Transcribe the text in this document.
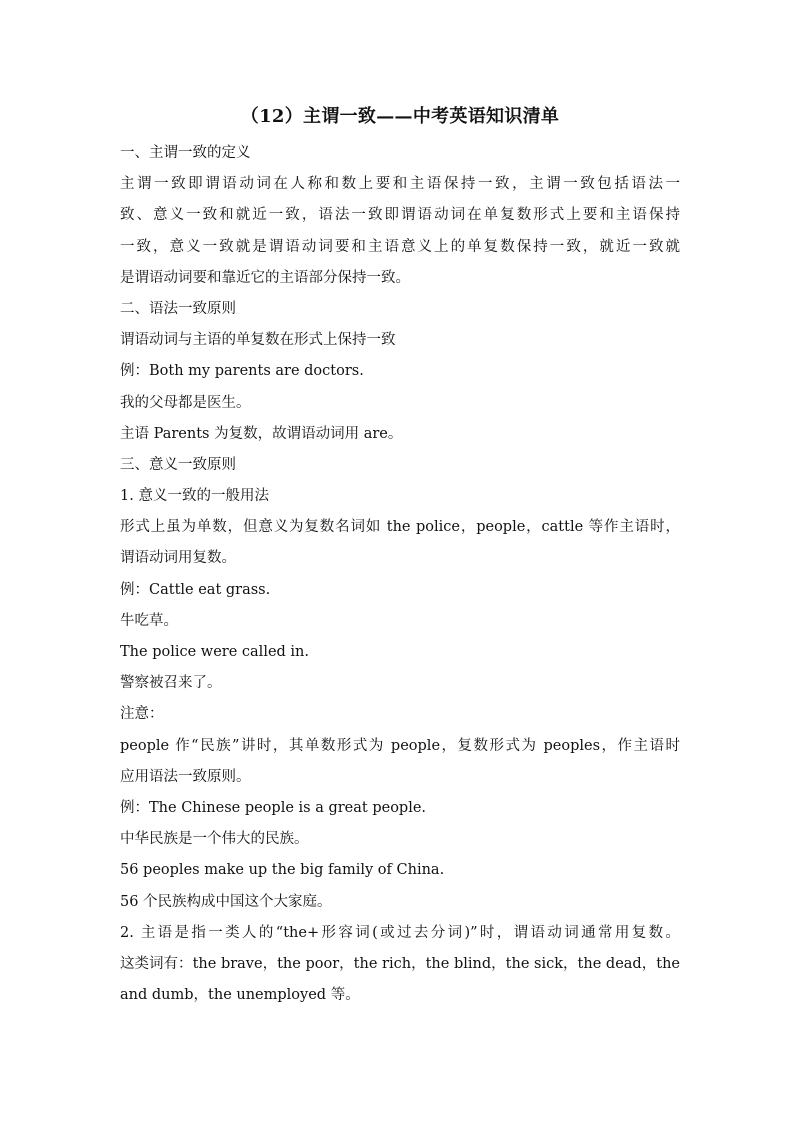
（12）主谓一致——中考英语知识清单
一、主谓一致的定义
主谓一致即谓语动词在人称和数上要和主语保持一致，主谓一致包括语法一
致、意义一致和就近一致，语法一致即谓语动词在单复数形式上要和主语保持
一致，意义一致就是谓语动词要和主语意义上的单复数保持一致，就近一致就
是谓语动词要和靠近它的主语部分保持一致。
二、语法一致原则
谓语动词与主语的单复数在形式上保持一致
例：Both my parents are doctors.
我的父母都是医生。
主语 Parents 为复数，故谓语动词用 are。
三、意义一致原则
1. 意义一致的一般用法
形式上虽为单数，但意义为复数名词如 the police，people，cattle 等作主语时，
谓语动词用复数。
例：Cattle eat grass.
牛吃草。
The police were called in.
警察被召来了。
注意：
people 作“民族”讲时，其单数形式为 people，复数形式为 peoples，作主语时
应用语法一致原则。
例：The Chinese people is a great people.
中华民族是一个伟大的民族。
56 peoples make up the big family of China.
56 个民族构成中国这个大家庭。
2. 主语是指一类人的“the+形容词(或过去分词)”时，谓语动词通常用复数。
这类词有：the brave，the poor，the rich，the blind，the sick，the dead，the
and dumb，the unemployed 等。
